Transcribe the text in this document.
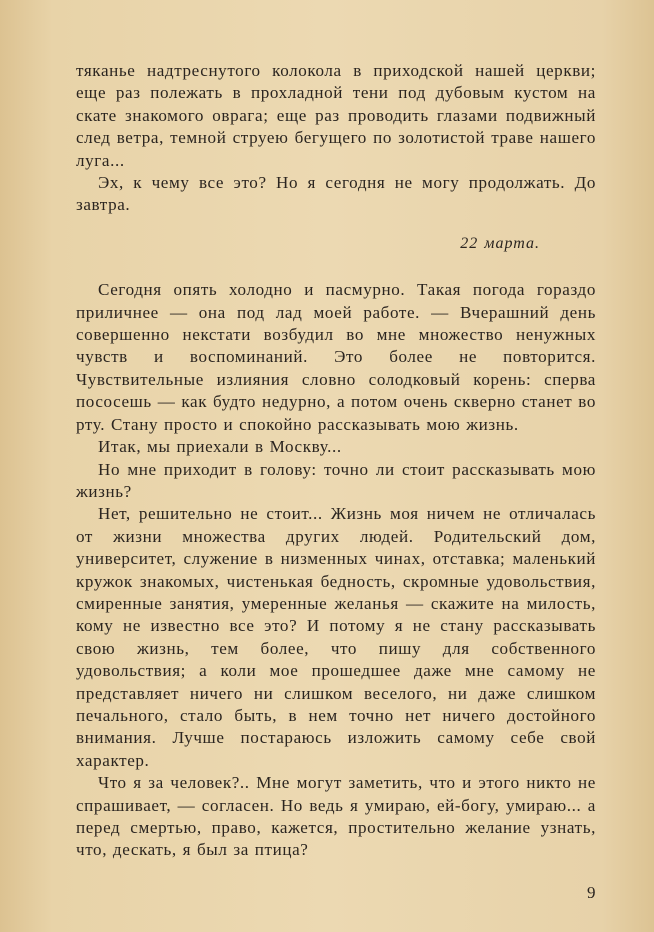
тяканье надтреснутого колокола в приходской нашей церкви; еще раз полежать в прохладной тени под дубовым кустом на скате знакомого оврага; еще раз проводить глазами подвижный след ветра, темной струею бегущего по золотистой траве нашего луга...

Эх, к чему все это? Но я сегодня не могу продолжать. До завтра.

22 марта.

Сегодня опять холодно и пасмурно. Такая погода гораздо приличнее — она под лад моей работе. — Вчерашний день совершенно некстати возбудил во мне множество ненужных чувств и воспоминаний. Это более не повторится. Чувствительные излияния словно солодковый корень: сперва пососешь — как будто недурно, а потом очень скверно станет во рту. Стану просто и спокойно рассказывать мою жизнь.

Итак, мы приехали в Москву...

Но мне приходит в голову: точно ли стоит рассказывать мою жизнь?

Нет, решительно не стоит... Жизнь моя ничем не отличалась от жизни множества других людей. Родительский дом, университет, служение в низменных чинах, отставка; маленький кружок знакомых, чистенькая бедность, скромные удовольствия, смиренные занятия, умеренные желанья — скажите на милость, кому не известно все это? И потому я не стану рассказывать свою жизнь, тем более, что пишу для собственного удовольствия; а коли мое прошедшее даже мне самому не представляет ничего ни слишком веселого, ни даже слишком печального, стало быть, в нем точно нет ничего достойного внимания. Лучше постараюсь изложить самому себе свой характер.

Что я за человек?.. Мне могут заметить, что и этого никто не спрашивает, — согласен. Но ведь я умираю, ей-богу, умираю... а перед смертью, право, кажется, простительно желание узнать, что, дескать, я был за птица?

9
